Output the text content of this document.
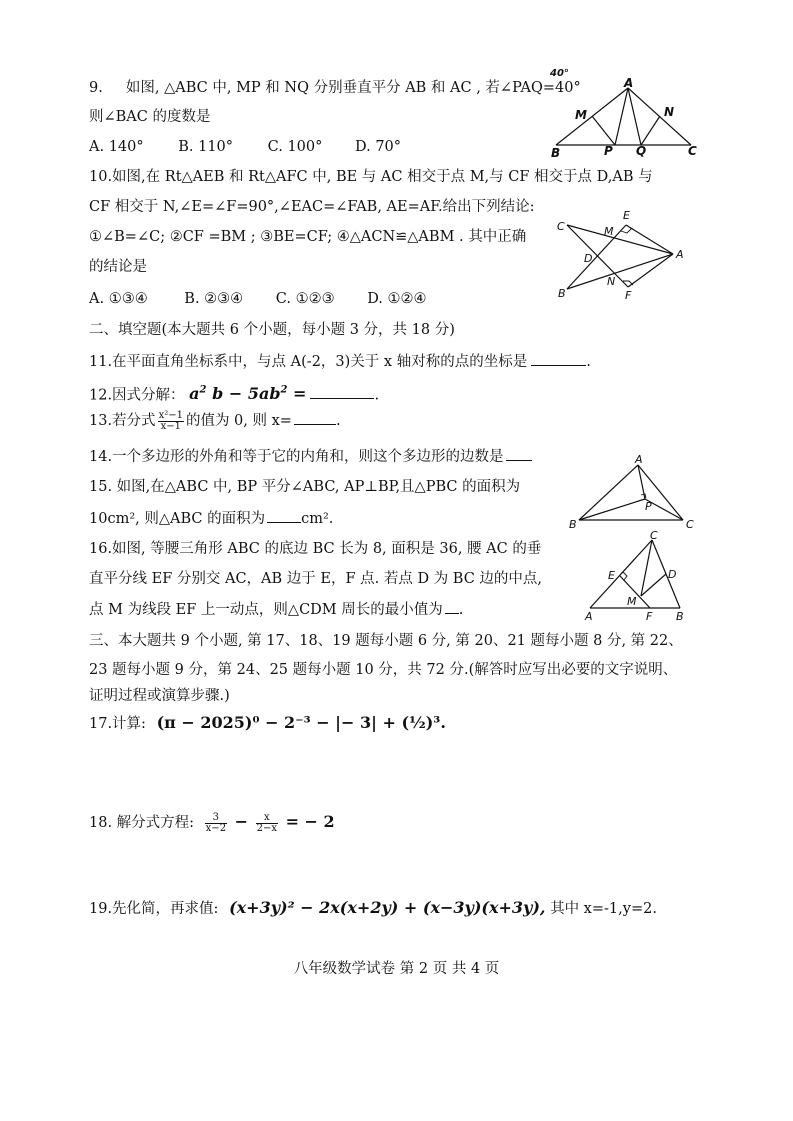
9. 如图, △ABC 中, MP 和 NQ 分别垂直平分 AB 和 AC , 若∠PAQ=40°
则∠BAC 的度数是
A. 140° B. 110° C. 100° D. 70°
A
40°
M	N
B	P Q	C
10.如图,在 Rt△AEB 和 Rt△AFC 中, BE 与 AC 相交于点 M,与 CF 相交于点 D,AB 与
CF 相交于 N,∠E=∠F=90°,∠EAC=∠FAB, AE=AF.给出下列结论:
①∠B=∠C; ②CF =BM ; ③BE=CF; ④△ACN≌△ABM . 其中正确
的结论是
A. ①③④	B. ②③④ C. ①②③ D. ①②④
C
E
M
D	A
N
B	F
二、填空题(本大题共 6 个小题，每小题 3 分，共 18 分)
11.在平面直角坐标系中，与点 A(-2，3)关于 x 轴对称的点的坐标是	.
12.因式分解： $a^2$ $b - 5ab^2$ =	.
13.若分式 $\frac{\text{x²−1}}{x-1}$ 的值为 0, 则 x=	.
14.一个多边形的外角和等于它的内角和，则这个多边形的边数是
15. 如图,在△ABC 中, BP 平分∠ABC, AP⊥BP,且△PBC 的面积为
10cm², 则△ABC 的面积为 cm².
A
P
B	C
16.如图, 等腰三角形 ABC 的底边 BC 长为 8, 面积是 36, 腰 AC 的垂
直平分线 EF 分别交 AC，AB 边于 E，F 点. 若点 D 为 BC 边的中点,
点 M 为线段 EF 上一动点，则△CDM 周长的最小值为 .
C
E	D
M
A	F B
三、本大题共 9 个小题, 第 17、18、19 题每小题 6 分, 第 20、21 题每小题 8 分, 第 22、
23 题每小题 9 分，第 24、25 题每小题 10 分，共 72 分.(解答时应写出必要的文字说明、
证明过程或演算步骤.)
17.计算: (π − 2025)⁰ − 2⁻³ − |− 3| + (½)³.
18. 解分式方程: $\frac{3}{x-2} - \frac{x}{2-x}$ = − 2
19.先化简，再求值: (x+3y)² − 2x(x+2y) + (x−3y)(x+3y), 其中 x=-1,y=2.
八年级数学试卷 第 2 页 共 4 页
